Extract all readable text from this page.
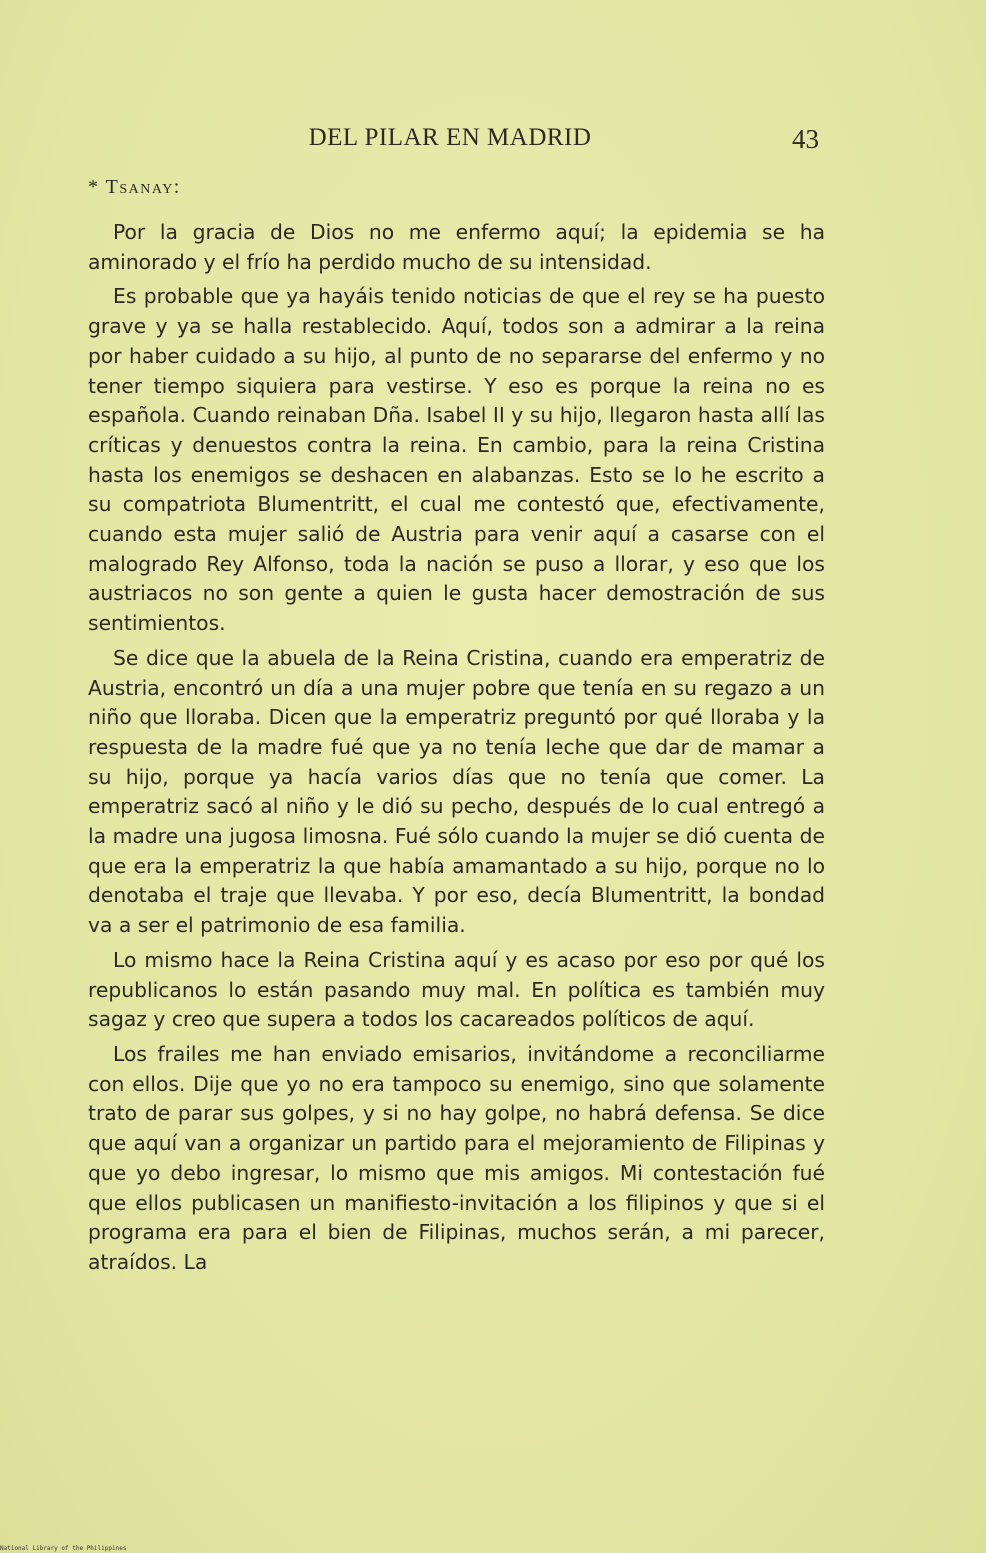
DEL PILAR EN MADRID	43
* Tsanay:

Por la gracia de Dios no me enfermo aquí; la epidemia se ha aminorado y el frío ha perdido mucho de su intensidad.

Es probable que ya hayáis tenido noticias de que el rey se ha puesto grave y ya se halla restablecido. Aquí, todos son a admirar a la reina por haber cuidado a su hijo, al punto de no separarse del enfermo y no tener tiempo siquiera para vestirse. Y eso es porque la reina no es española. Cuando reinaban Dña. Isabel II y su hijo, llegaron hasta allí las críticas y denuestos contra la reina. En cambio, para la reina Cristina hasta los enemigos se deshacen en alabanzas. Esto se lo he escrito a su compatriota Blumentritt, el cual me contestó que, efectivamente, cuando esta mujer salió de Austria para venir aquí a casarse con el malogrado Rey Alfonso, toda la nación se puso a llorar, y eso que los austriacos no son gente a quien le gusta hacer demostración de sus sentimientos.

Se dice que la abuela de la Reina Cristina, cuando era emperatriz de Austria, encontró un día a una mujer pobre que tenía en su regazo a un niño que lloraba. Dicen que la emperatriz preguntó por qué lloraba y la respuesta de la madre fué que ya no tenía leche que dar de mamar a su hijo, porque ya hacía varios días que no tenía que comer. La emperatriz sacó al niño y le dió su pecho, después de lo cual entregó a la madre una jugosa limosna. Fué sólo cuando la mujer se dió cuenta de que era la emperatriz la que había amamantado a su hijo, porque no lo denotaba el traje que llevaba. Y por eso, decía Blumentritt, la bondad va a ser el patrimonio de esa familia.

Lo mismo hace la Reina Cristina aquí y es acaso por eso por qué los republicanos lo están pasando muy mal. En política es también muy sagaz y creo que supera a todos los cacareados políticos de aquí.

Los frailes me han enviado emisarios, invitándome a reconciliarme con ellos. Dije que yo no era tampoco su enemigo, sino que solamente trato de parar sus golpes, y si no hay golpe, no habrá defensa. Se dice que aquí van a organizar un partido para el mejoramiento de Filipinas y que yo debo ingresar, lo mismo que mis amigos. Mi contestación fué que ellos publicasen un manifiesto-invitación a los filipinos y que si el programa era para el bien de Filipinas, muchos serán, a mi parecer, atraídos. La

National Library of the Philippines
